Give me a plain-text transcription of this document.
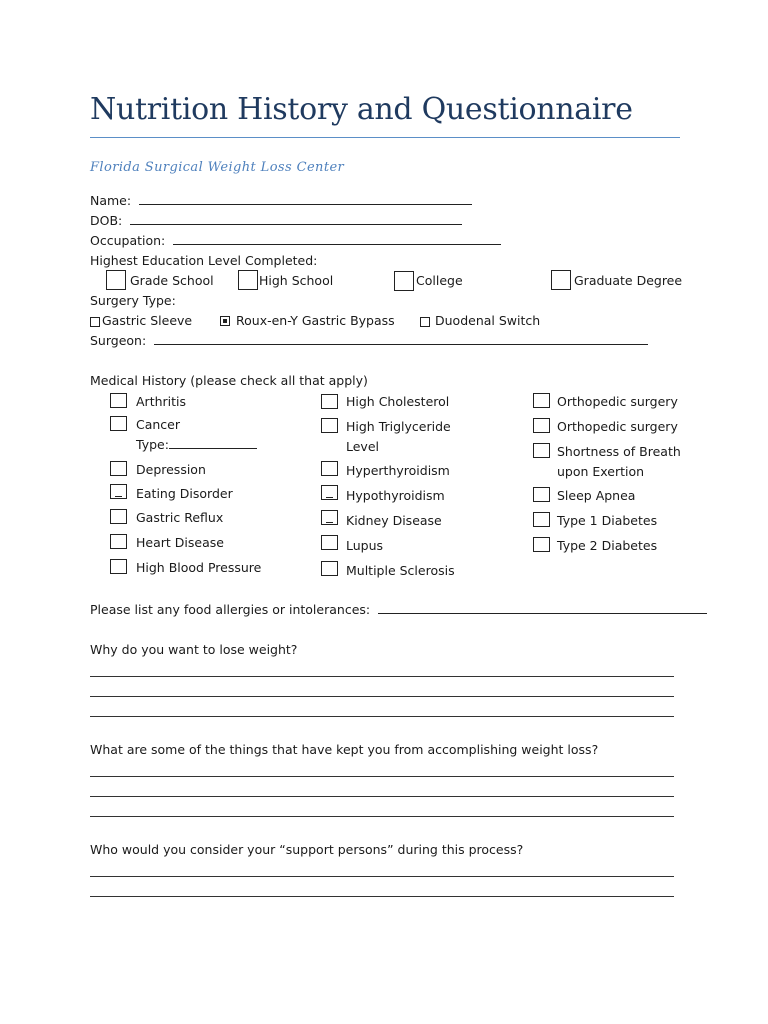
Nutrition History and Questionnaire
Florida Surgical Weight Loss Center
Name:
DOB:
Occupation:
Highest Education Level Completed:
Grade School	High School	College	Graduate Degree
Surgery Type:
Gastric Sleeve	Roux-en-Y Gastric Bypass	Duodenal Switch
Surgeon:
Medical History (please check all that apply)
Arthritis
Cancer
Type:
Depression
Eating Disorder
Gastric Reflux
Heart Disease
High Blood Pressure
High Cholesterol
High Triglyceride
Level
Hyperthyroidism
Hypothyroidism
Kidney Disease
Lupus
Multiple Sclerosis
Orthopedic surgery
Orthopedic surgery
Shortness of Breath
upon Exertion
Sleep Apnea
Type 1 Diabetes
Type 2 Diabetes
Please list any food allergies or intolerances:
Why do you want to lose weight?
What are some of the things that have kept you from accomplishing weight loss?
Who would you consider your “support persons” during this process?
